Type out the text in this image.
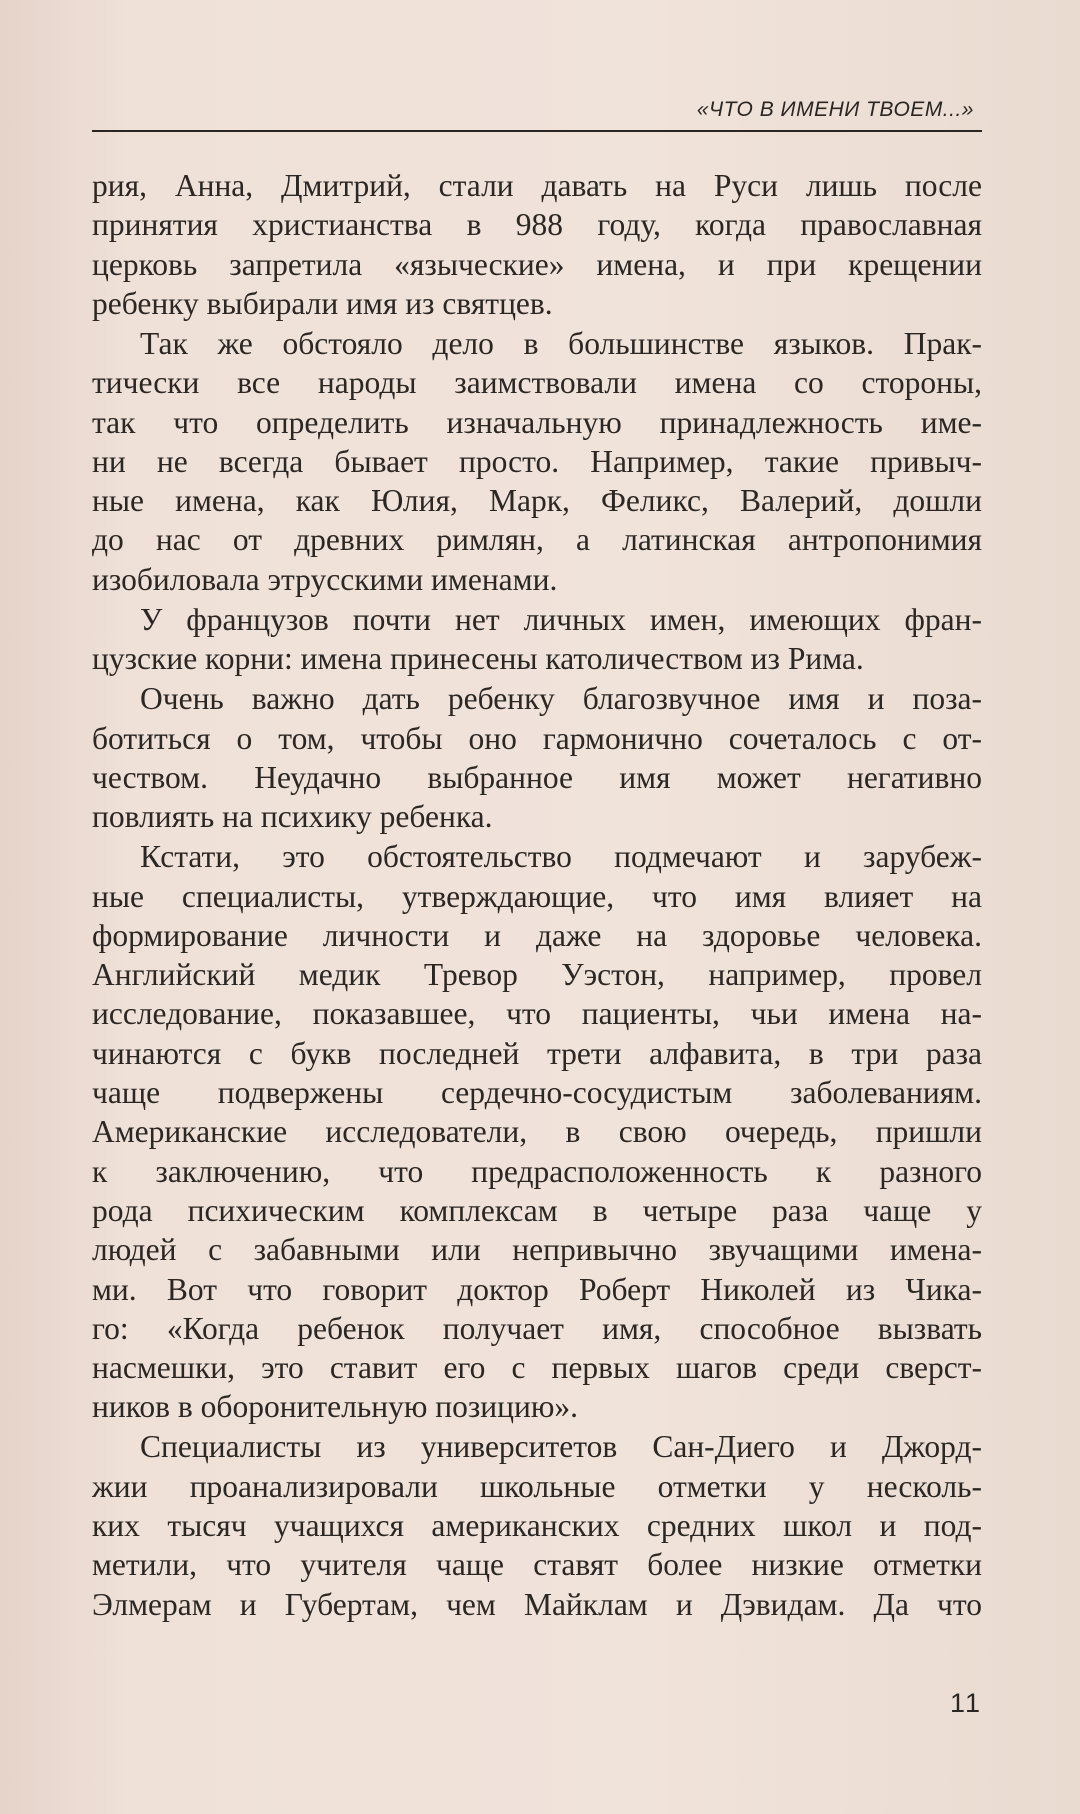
«ЧТО В ИМЕНИ ТВОЕМ...»
рия, Анна, Дмитрий, стали давать на Руси лишь после
принятия христианства в 988 году, когда православная
церковь запретила «языческие» имена, и при крещении
ребенку выбирали имя из святцев.
Так же обстояло дело в большинстве языков. Прак-
тически все народы заимствовали имена со стороны,
так что определить изначальную принадлежность име-
ни не всегда бывает просто. Например, такие привыч-
ные имена, как Юлия, Марк, Феликс, Валерий, дошли
до нас от древних римлян, а латинская антропонимия
изобиловала этрусскими именами.
У французов почти нет личных имен, имеющих фран-
цузские корни: имена принесены католичеством из Рима.
Очень важно дать ребенку благозвучное имя и поза-
ботиться о том, чтобы оно гармонично сочеталось с от-
чеством. Неудачно выбранное имя может негативно
повлиять на психику ребенка.
Кстати, это обстоятельство подмечают и зарубеж-
ные специалисты, утверждающие, что имя влияет на
формирование личности и даже на здоровье человека.
Английский медик Тревор Уэстон, например, провел
исследование, показавшее, что пациенты, чьи имена на-
чинаются с букв последней трети алфавита, в три раза
чаще подвержены сердечно-сосудистым заболеваниям.
Американские исследователи, в свою очередь, пришли
к заключению, что предрасположенность к разного
рода психическим комплексам в четыре раза чаще у
людей с забавными или непривычно звучащими имена-
ми. Вот что говорит доктор Роберт Николей из Чика-
го: «Когда ребенок получает имя, способное вызвать
насмешки, это ставит его с первых шагов среди сверст-
ников в оборонительную позицию».
Специалисты из университетов Сан-Диего и Джорд-
жии проанализировали школьные отметки у несколь-
ких тысяч учащихся американских средних школ и под-
метили, что учителя чаще ставят более низкие отметки
Элмерам и Губертам, чем Майклам и Дэвидам. Да что
11
